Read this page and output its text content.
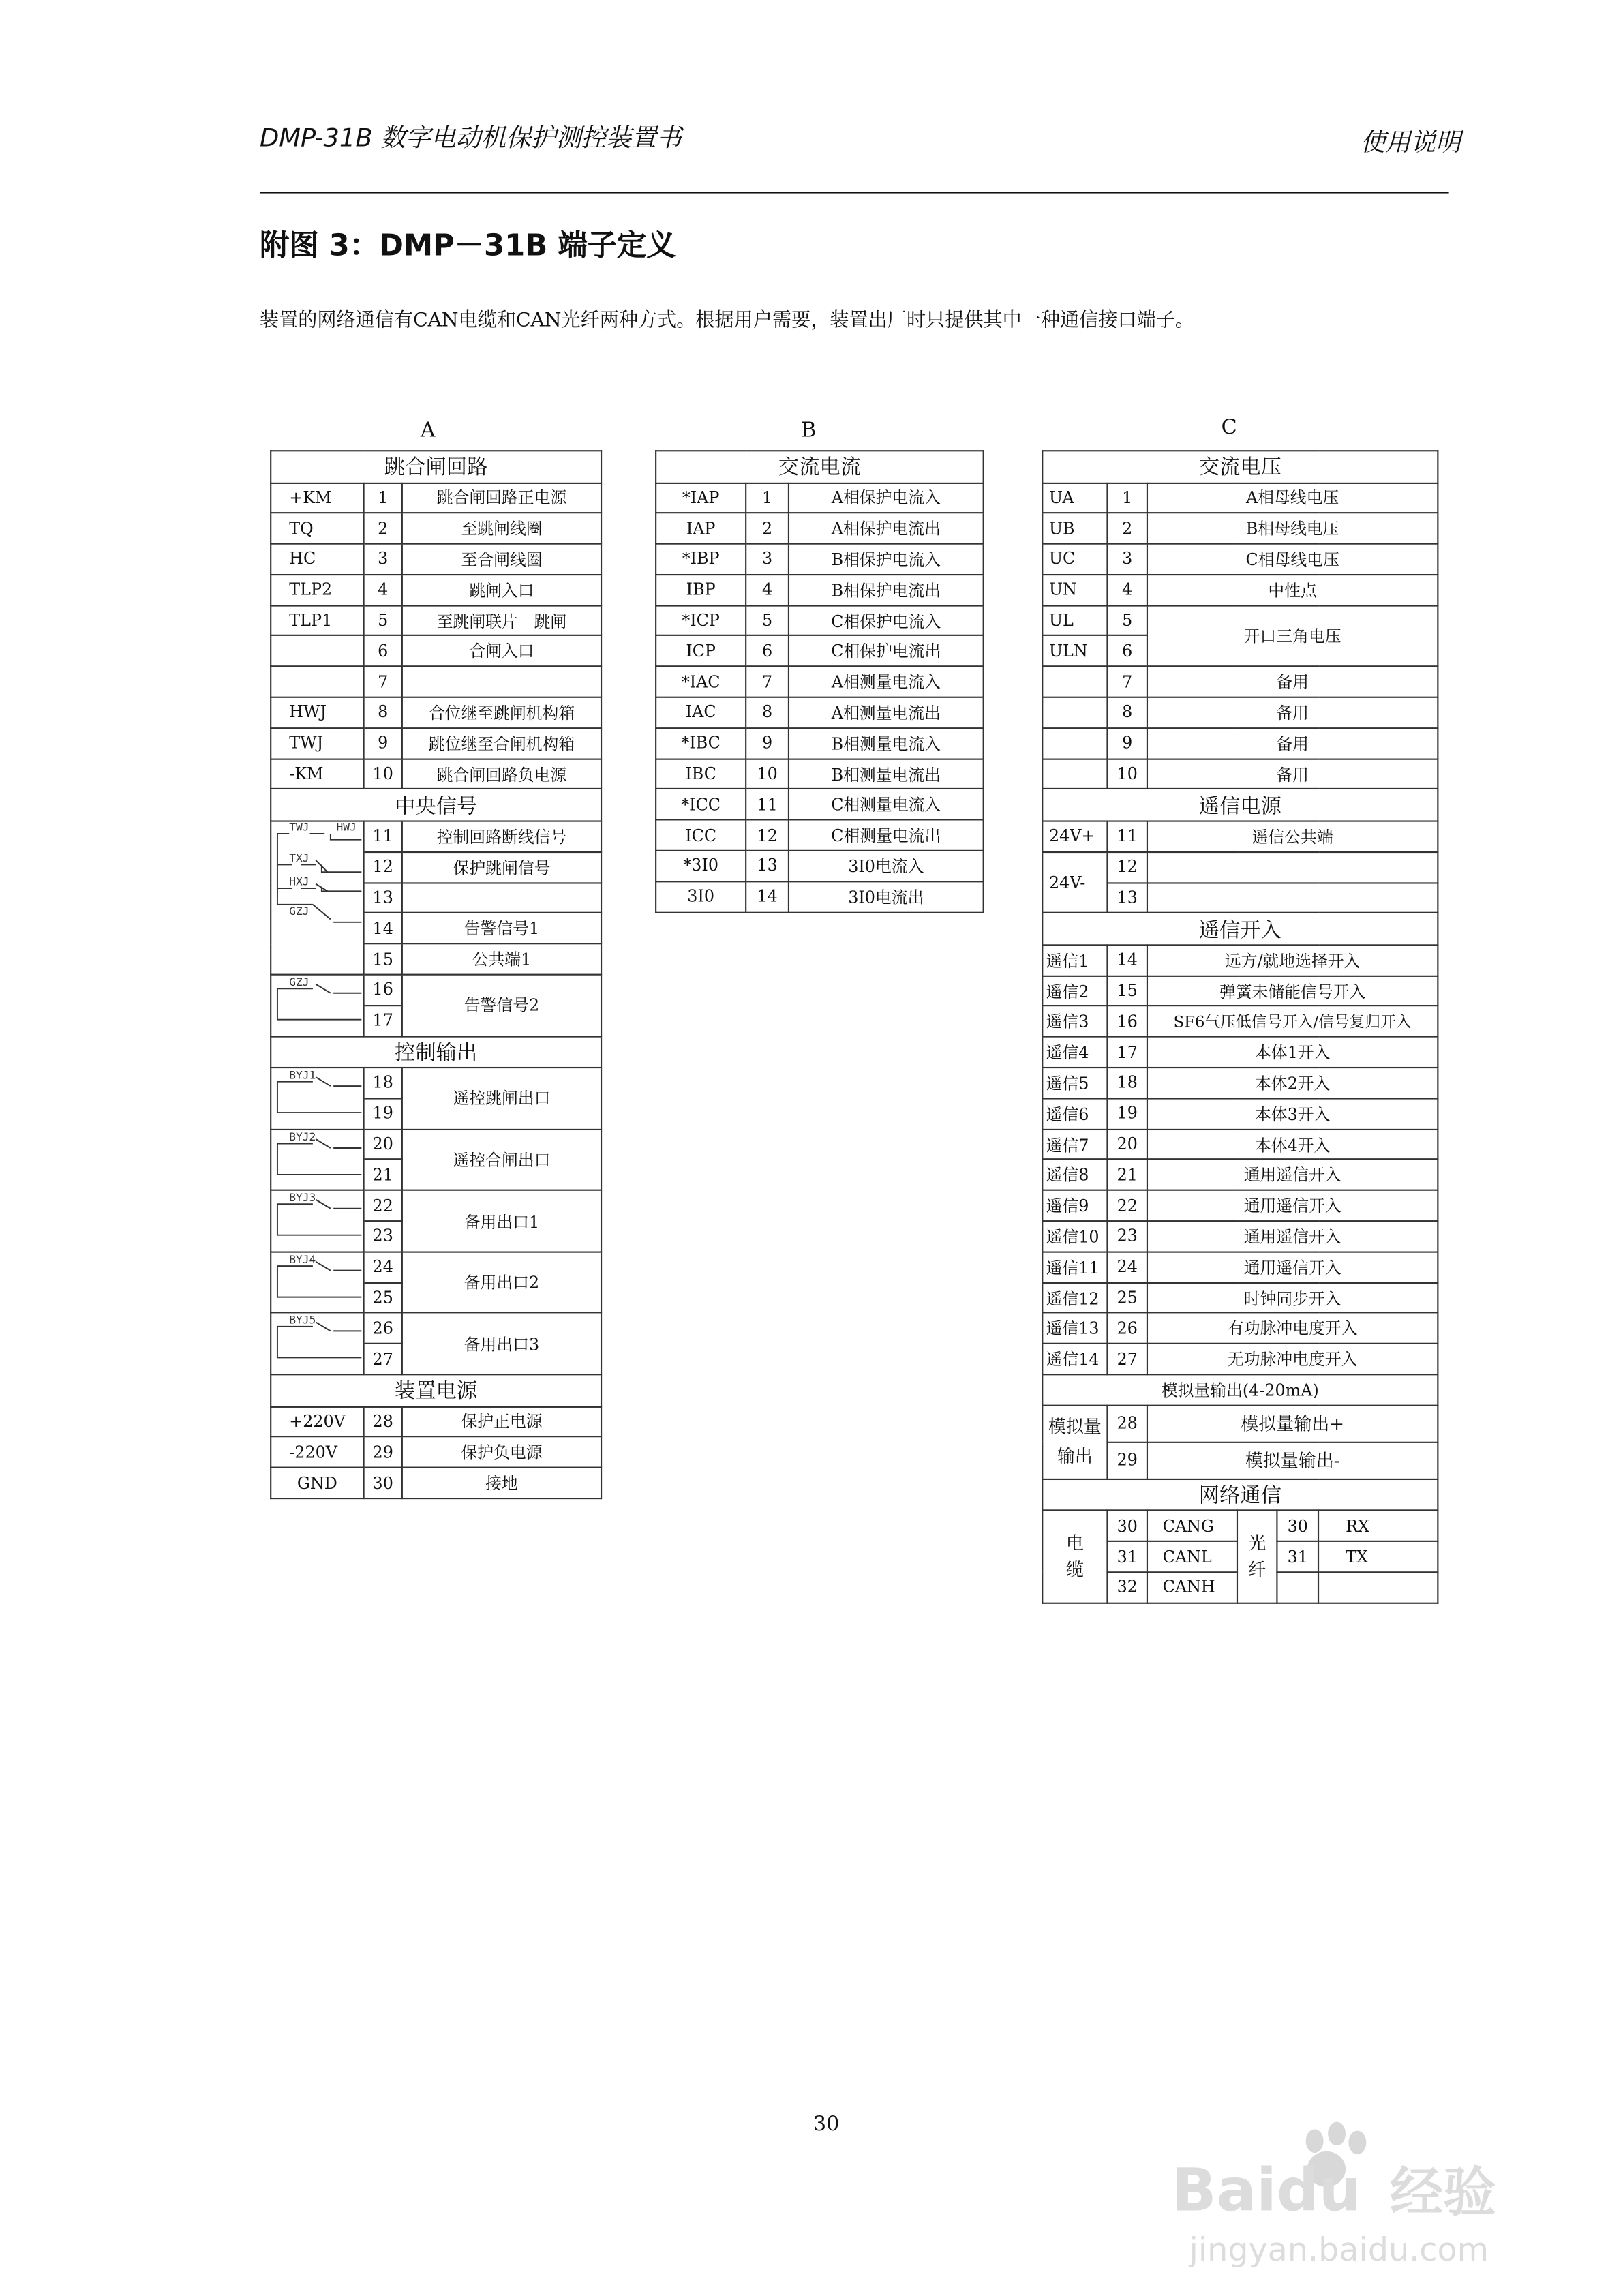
DMP-31B 数字电动机保护测控装置书	使用说明
附图 3：DMP－31B 端子定义
装置的网络通信有CAN电缆和CAN光纤两种方式。根据用户需要，装置出厂时只提供其中一种通信接口端子。
A	B	C
跳合闸回路		
+KM	1	跳合闸回路正电源
TQ	2	至跳闸线圈
HC	3	至合闸线圈
TLP2	4	跳闸入口
TLP1	5	至跳闸联片　跳闸
	6	合闸入口
	7	
HWJ	8	合位继至跳闸机构箱
TWJ	9	跳位继至合闸机构箱
-KM	10	跳合闸回路负电源
中央信号		

TWJ HWJ
TXJ
HXJ
GZJ	11	控制回路断线信号
	12	保护跳闸信号
	13	
	14	告警信号1
	15	公共端1

GZJ	16	告警信号2
	17	
控制输出		

BYJ1	18	遥控跳闸出口
	19	

BYJ2	20	遥控合闸出口
	21	

BYJ3	22	备用出口1
	23	

BYJ4	24	备用出口2
	25	

BYJ5	26	备用出口3
	27	
装置电源		
+220V	28	保护正电源
-220V	29	保护负电源
GND	30	接地
交流电流		
*IAP	1	A相保护电流入
IAP	2	A相保护电流出
*IBP	3	B相保护电流入
IBP	4	B相保护电流出
*ICP	5	C相保护电流入
ICP	6	C相保护电流出
*IAC	7	A相测量电流入
IAC	8	A相测量电流出
*IBC	9	B相测量电流入
IBC	10	B相测量电流出
*ICC	11	C相测量电流入
ICC	12	C相测量电流出
*3I0	13	3I0电流入
3I0	14	3I0电流出
交流电压					
UA	1	A相母线电压			
UB	2	B相母线电压			
UC	3	C相母线电压			
UN	4	中性点			
UL	5	开口三角电压			
ULN	6				
	7	备用			
	8	备用			
	9	备用			
	10	备用			
遥信电源					
24V+	11	遥信公共端			
24V-	12				
	13				
遥信开入					
遥信1	14	远方/就地选择开入			
遥信2	15	弹簧未储能信号开入			
遥信3	16	SF6气压低信号开入/信号复归开入			
遥信4	17	本体1开入			
遥信5	18	本体2开入			
遥信6	19	本体3开入			
遥信7	20	本体4开入			
遥信8	21	通用遥信开入			
遥信9	22	通用遥信开入			
遥信10	23	通用遥信开入			
遥信11	24	通用遥信开入			
遥信12	25	时钟同步开入			
遥信13	26	有功脉冲电度开入			
遥信14	27	无功脉冲电度开入			
模拟量输出(4-20mA)					
模拟量输出	28	模拟量输出+			
	29	模拟量输出-			
网络通信					
电缆	30	CANG	光纤	30	RX
	31	CANL		31	TX
	32	CANH			
30
Baidu 经验
jingyan.baidu.com
